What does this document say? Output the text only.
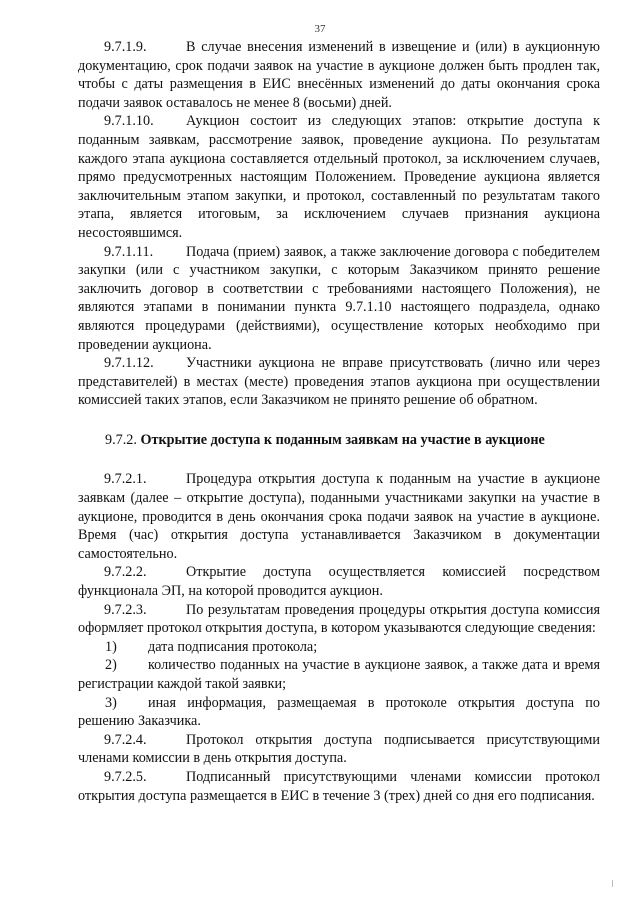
37

9.7.1.9.	В случае внесения изменений в извещение и (или) в аукционную документацию, срок подачи заявок на участие в аукционе должен быть продлен так, чтобы с даты размещения в ЕИС внесённых изменений до даты окончания срока подачи заявок оставалось не менее 8 (восьми) дней.

9.7.1.10. Аукцион состоит из следующих этапов: открытие доступа к поданным заявкам, рассмотрение заявок, проведение аукциона. По результатам каждого этапа аукциона составляется отдельный протокол, за исключением случаев, прямо предусмотренных настоящим Положением. Проведение аукциона является заключительным этапом закупки, и протокол, составленный по результатам такого этапа, является итоговым, за исключением случаев признания аукциона несостоявшимся.

9.7.1.11. Подача (прием) заявок, а также заключение договора с победителем закупки (или с участником закупки, с которым Заказчиком принято решение заключить договор в соответствии с требованиями настоящего Положения), не являются этапами в понимании пункта 9.7.1.10 настоящего подраздела, однако являются процедурами (действиями), осуществление которых необходимо при проведении аукциона.

9.7.1.12. Участники аукциона не вправе присутствовать (лично или через представителей) в местах (месте) проведения этапов аукциона при осуществлении комиссией таких этапов, если Заказчиком не принято решение об обратном.

9.7.2. Открытие доступа к поданным заявкам на участие в аукционе

9.7.2.1.	Процедура открытия доступа к поданным на участие в аукционе заявкам (далее – открытие доступа), поданными участниками закупки на участие в аукционе, проводится в день окончания срока подачи заявок на участие в аукционе. Время (час) открытия доступа устанавливается Заказчиком в документации самостоятельно.

9.7.2.2.	Открытие доступа осуществляется комиссией посредством функционала ЭП, на которой проводится аукцион.

9.7.2.3.	По результатам проведения процедуры открытия доступа комиссия оформляет протокол открытия доступа, в котором указываются следующие сведения:

1) дата подписания протокола;

2) количество поданных на участие в аукционе заявок, а также дата и время регистрации каждой такой заявки;

3) иная информация, размещаемая в протоколе открытия доступа по решению Заказчика.

9.7.2.4.	Протокол открытия доступа подписывается присутствующими членами комиссии в день открытия доступа.

9.7.2.5.	Подписанный присутствующими членами комиссии протокол открытия доступа размещается в ЕИС в течение 3 (трех) дней со дня его подписания.
